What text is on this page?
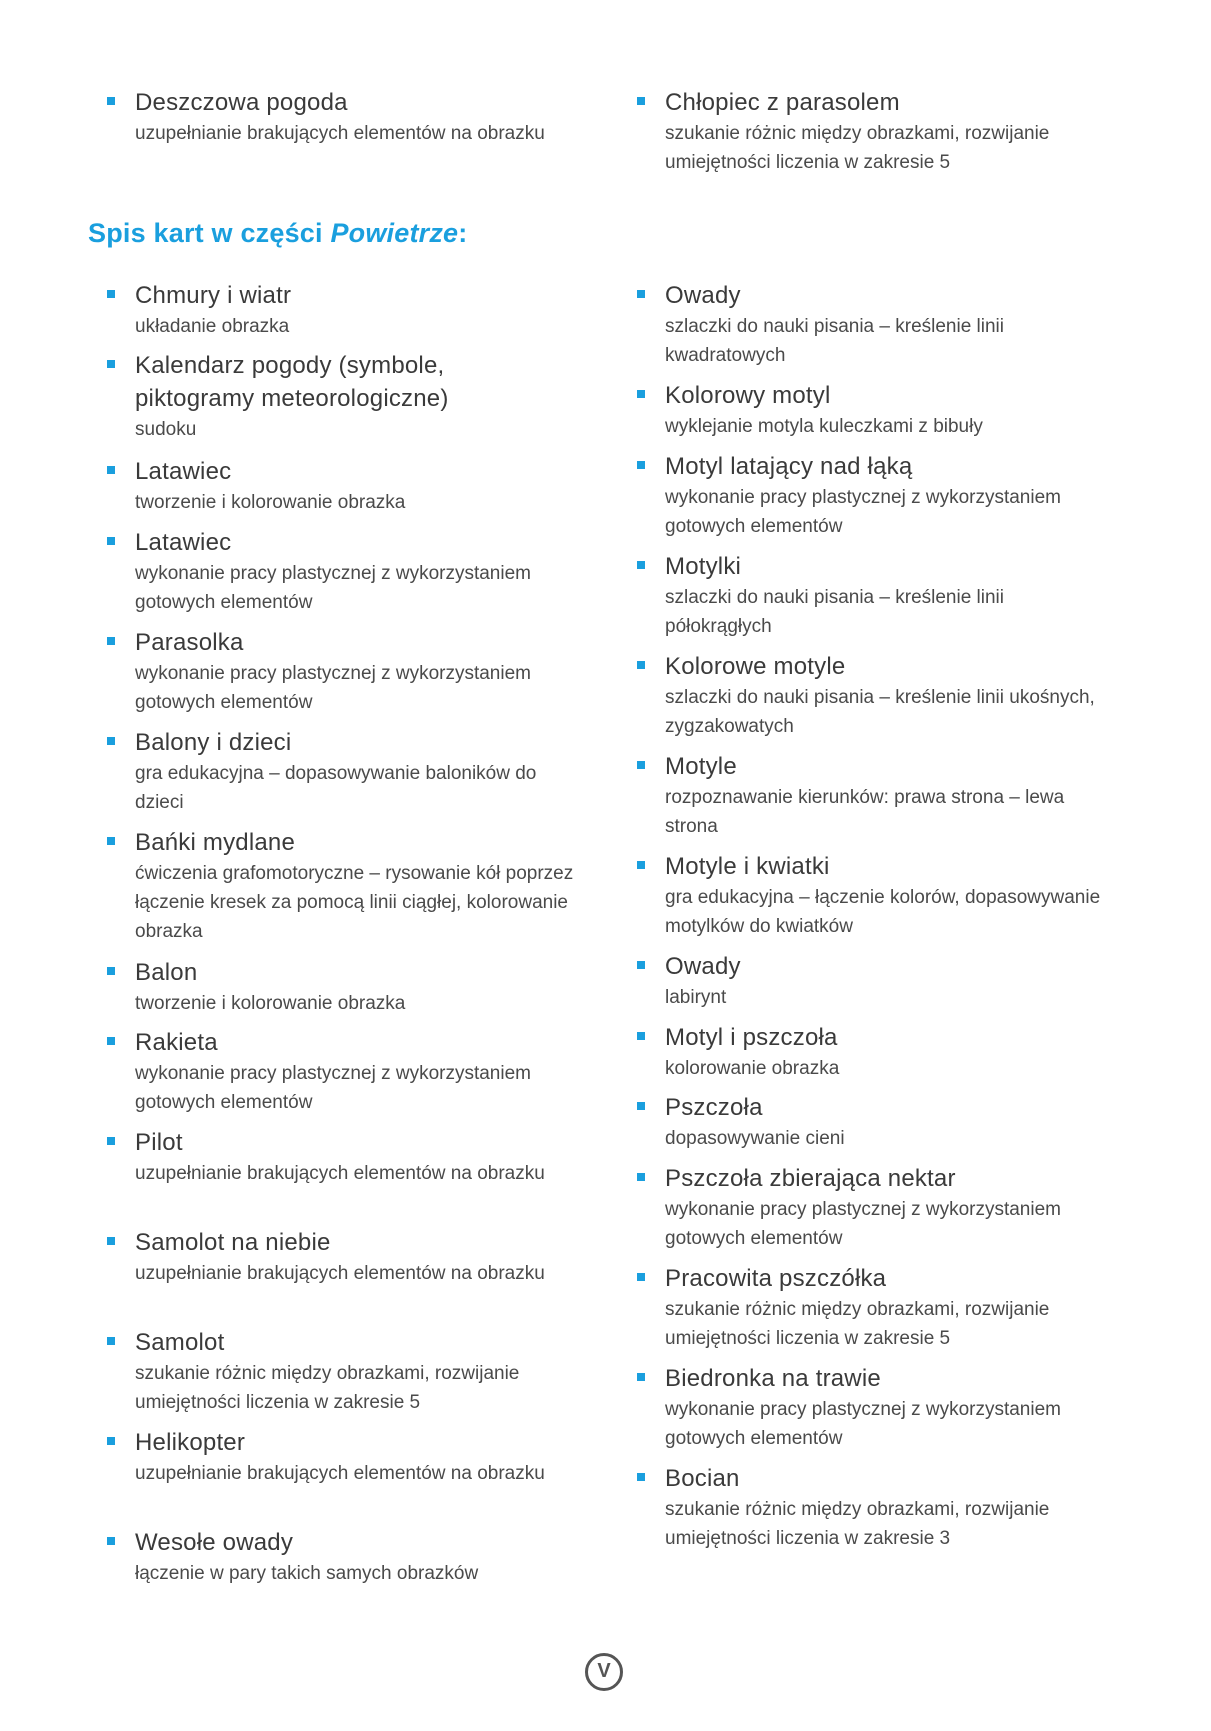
Deszczowa pogoda
uzupełnianie brakujących elementów na obrazku
Chłopiec z parasolem
szukanie różnic między obrazkami, rozwijanie umiejętności liczenia w zakresie 5
Spis kart w części Powietrze:
Chmury i wiatr
układanie obrazka
Kalendarz pogody (symbole, piktogramy meteorologiczne)
sudoku
Latawiec
tworzenie i kolorowanie obrazka
Latawiec
wykonanie pracy plastycznej z wykorzystaniem gotowych elementów
Parasolka
wykonanie pracy plastycznej z wykorzystaniem gotowych elementów
Balony i dzieci
gra edukacyjna – dopasowywanie baloników do dzieci
Bańki mydlane
ćwiczenia grafomotoryczne – rysowanie kół poprzez łączenie kresek za pomocą linii ciągłej, kolorowanie obrazka
Balon
tworzenie i kolorowanie obrazka
Rakieta
wykonanie pracy plastycznej z wykorzystaniem gotowych elementów
Pilot
uzupełnianie brakujących elementów na obrazku
Samolot na niebie
uzupełnianie brakujących elementów na obrazku
Samolot
szukanie różnic między obrazkami, rozwijanie umiejętności liczenia w zakresie 5
Helikopter
uzupełnianie brakujących elementów na obrazku
Wesołe owady
łączenie w pary takich samych obrazków
Owady
szlaczki do nauki pisania – kreślenie linii kwadratowych
Kolorowy motyl
wyklejanie motyla kuleczkami z bibuły
Motyl latający nad łąką
wykonanie pracy plastycznej z wykorzystaniem gotowych elementów
Motylki
szlaczki do nauki pisania – kreślenie linii półokrągłych
Kolorowe motyle
szlaczki do nauki pisania – kreślenie linii ukośnych, zygzakowatych
Motyle
rozpoznawanie kierunków: prawa strona – lewa strona
Motyle i kwiatki
gra edukacyjna – łączenie kolorów, dopasowywanie motylków do kwiatków
Owady
labirynt
Motyl i pszczoła
kolorowanie obrazka
Pszczoła
dopasowywanie cieni
Pszczoła zbierająca nektar
wykonanie pracy plastycznej z wykorzystaniem gotowych elementów
Pracowita pszczółka
szukanie różnic między obrazkami, rozwijanie umiejętności liczenia w zakresie 5
Biedronka na trawie
wykonanie pracy plastycznej z wykorzystaniem gotowych elementów
Bocian
szukanie różnic między obrazkami, rozwijanie umiejętności liczenia w zakresie 3
V
